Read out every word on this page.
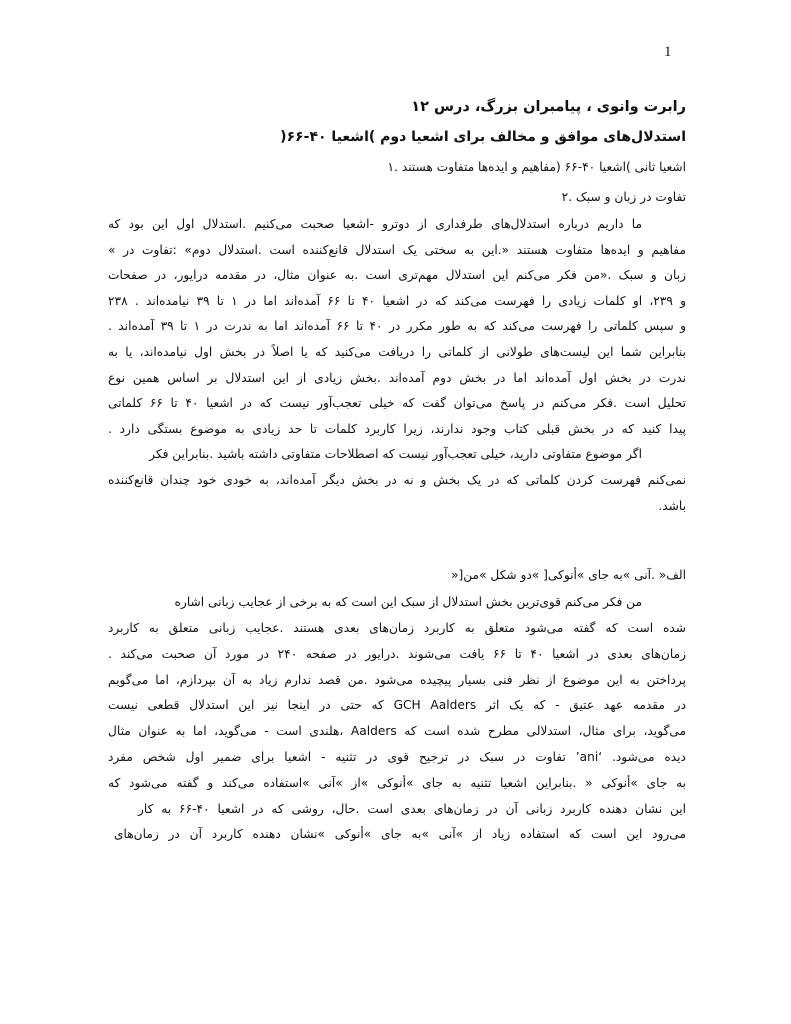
1

رابرت وانوی ، پیامبران بزرگ، درس ۱۲

استدلال‌های موافق و مخالف برای اشعیا دوم )اشعیا ۴۰-۶۶(

اشعیا ثانی )اشعیا ۴۰-۶۶ (مفاهیم و ایده‌ها متفاوت هستند .۱

تفاوت در زبان و سبک .۲

ما داریم درباره استدلال‌های طرفداری از دوترو -اشعیا صحبت می‌کنیم .استدلال اول این بود که

مفاهیم و ایده‌ها متفاوت هستند «.این به سختی یک استدلال قانع‌کننده است .استدلال دوم» :تفاوت در »

زبان و سبک .«من فکر می‌کنم این استدلال مهم‌تری است .به عنوان مثال، در مقدمه درایور، در صفحات

و ۲۳۹، او کلمات زیادی را فهرست می‌کند که در اشعیا ۴۰ تا ۶۶ آمده‌اند اما در ۱ تا ۳۹ نیامده‌اند . ۲۳۸

و سپس کلماتی را فهرست می‌کند که به طور مکرر در ۴۰ تا ۶۶ آمده‌اند اما به ندرت در ۱ تا ۳۹ آمده‌اند .

بنابراین شما این لیست‌های طولانی از کلماتی را دریافت می‌کنید که یا اصلاً در بخش اول نیامده‌اند، یا به

ندرت در بخش اول آمده‌اند اما در بخش دوم آمده‌اند .بخش زیادی از این استدلال بر اساس همین نوع

تحلیل است .فکر می‌کنم در پاسخ می‌توان گفت که خیلی تعجب‌آور نیست که در اشعیا ۴۰ تا ۶۶ کلماتی

پیدا کنید که در بخش قبلی کتاب وجود ندارند، زیرا کاربرد کلمات تا حد زیادی به موضوع بستگی دارد .

اگر موضوع متفاوتی دارید، خیلی تعجب‌آور نیست که اصطلاحات متفاوتی داشته باشید .بنابراین فکر

نمی‌کنم فهرست کردن کلماتی که در یک بخش و نه در بخش دیگر آمده‌اند، به خودی خود چندان قانع‌کننده

باشد.

الف« .آنی »به جای »أنوکی[ »دو شکل »من[«

من فکر می‌کنم قوی‌ترین بخش استدلال از سبک این است که به برخی از عجایب زبانی اشاره

شده است که گفته می‌شود متعلق به کاربرد زمان‌های بعدی هستند .عجایب زبانی متعلق به کاربرد

زمان‌های بعدی در اشعیا ۴۰ تا ۶۶ یافت می‌شوند .درایور در صفحه ۲۴۰ در مورد آن صحبت می‌کند .

پرداختن به این موضوع از نظر فنی بسیار پیچیده می‌شود .من قصد ندارم زیاد به آن بپردازم، اما می‌گویم

در مقدمه عهد عتیق - که یک اثر GCH Aalders که حتی در اینجا نیز این استدلال قطعی نیست

می‌گوید، برای مثال، استدلالی مطرح شده است که Aalders ،هلندی است - می‌گوید، اما به عنوان مثال

دیده می‌شود. ‘ani’ تفاوت در سبک در ترجیح قوی در تثنیه - اشعیا برای ضمیر اول شخص مفرد

به جای »أنوکی « .بنابراین اشعیا تثنیه به جای »أنوکی »از »آنی »استفاده می‌کند و گفته می‌شود که

این نشان دهنده کاربرد زبانی آن در زمان‌های بعدی است .حال، روشی که در اشعیا ۴۰-۶۶ به کار

می‌رود این است که استفاده زیاد از »آنی »به جای »أنوکی »نشان دهنده کاربرد آن در زمان‌های
